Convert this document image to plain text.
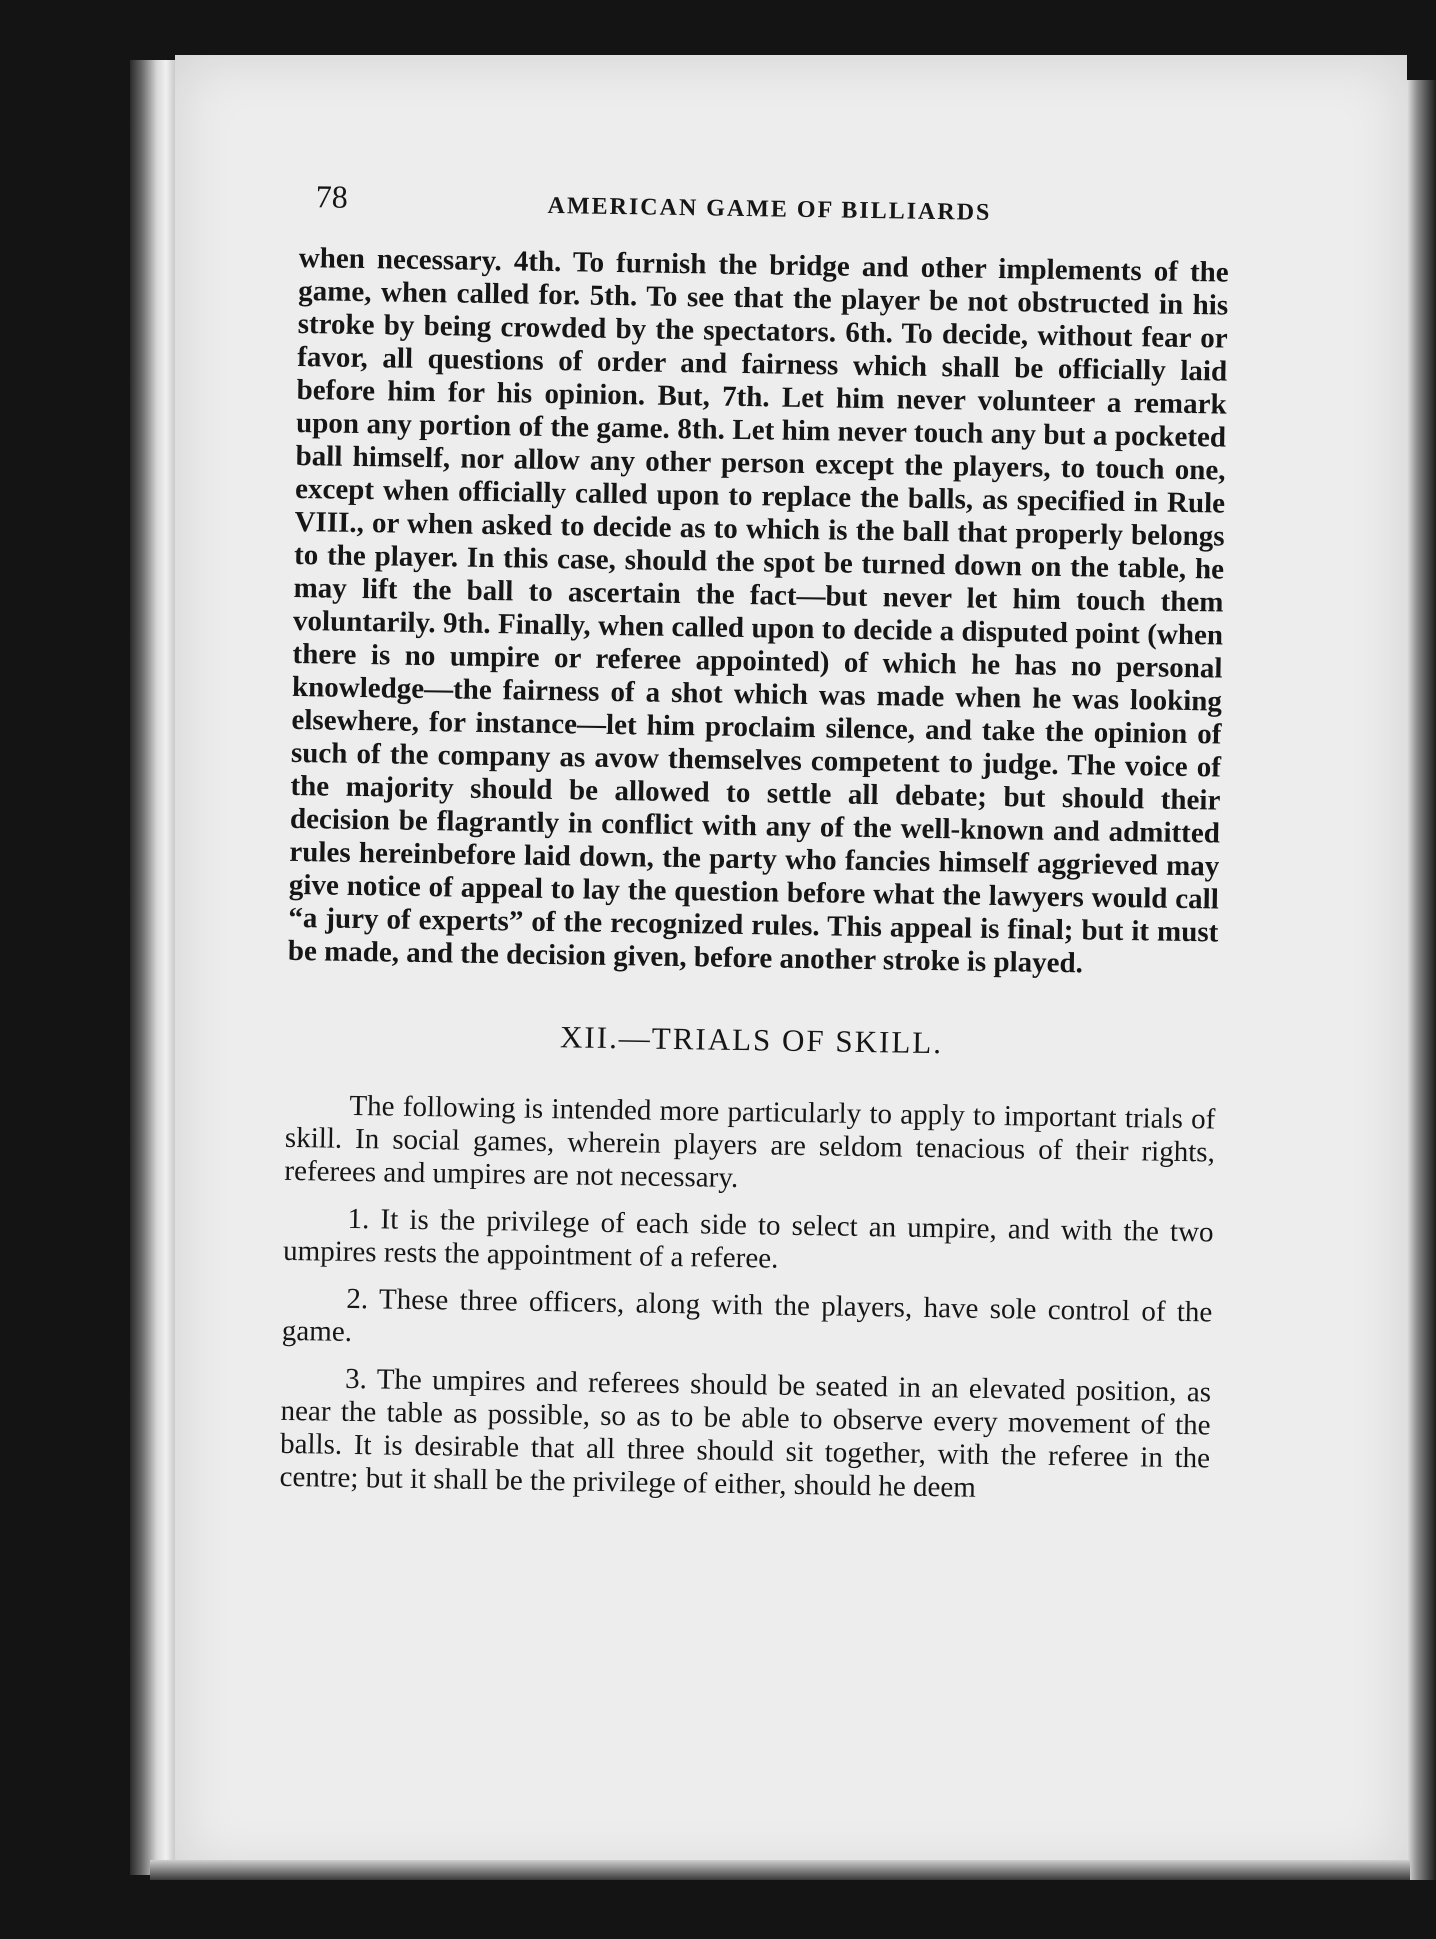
78	AMERICAN GAME OF BILLIARDS

when necessary. 4th. To furnish the bridge and other implements of the game, when called for. 5th. To see that the player be not obstructed in his stroke by being crowded by the spectators. 6th. To decide, without fear or favor, all questions of order and fairness which shall be officially laid before him for his opinion. But, 7th. Let him never volunteer a remark upon any portion of the game. 8th. Let him never touch any but a pocketed ball himself, nor allow any other person except the players, to touch one, except when officially called upon to replace the balls, as specified in Rule VIII., or when asked to decide as to which is the ball that properly belongs to the player. In this case, should the spot be turned down on the table, he may lift the ball to ascertain the fact—but never let him touch them voluntarily. 9th. Finally, when called upon to decide a disputed point (when there is no umpire or referee appointed) of which he has no personal knowledge—the fairness of a shot which was made when he was looking elsewhere, for instance—let him proclaim silence, and take the opinion of such of the company as avow themselves competent to judge. The voice of the majority should be allowed to settle all debate; but should their decision be flagrantly in conflict with any of the well-known and admitted rules hereinbefore laid down, the party who fancies himself aggrieved may give notice of appeal to lay the question before what the lawyers would call “a jury of experts” of the recognized rules. This appeal is final; but it must be made, and the decision given, before another stroke is played.

XII.—TRIALS OF SKILL.

The following is intended more particularly to apply to important trials of skill. In social games, wherein players are seldom tenacious of their rights, referees and umpires are not necessary.

1. It is the privilege of each side to select an umpire, and with the two umpires rests the appointment of a referee.

2. These three officers, along with the players, have sole control of the game.

3. The umpires and referees should be seated in an elevated position, as near the table as possible, so as to be able to observe every movement of the balls. It is desirable that all three should sit together, with the referee in the centre; but it shall be the privilege of either, should he deem
